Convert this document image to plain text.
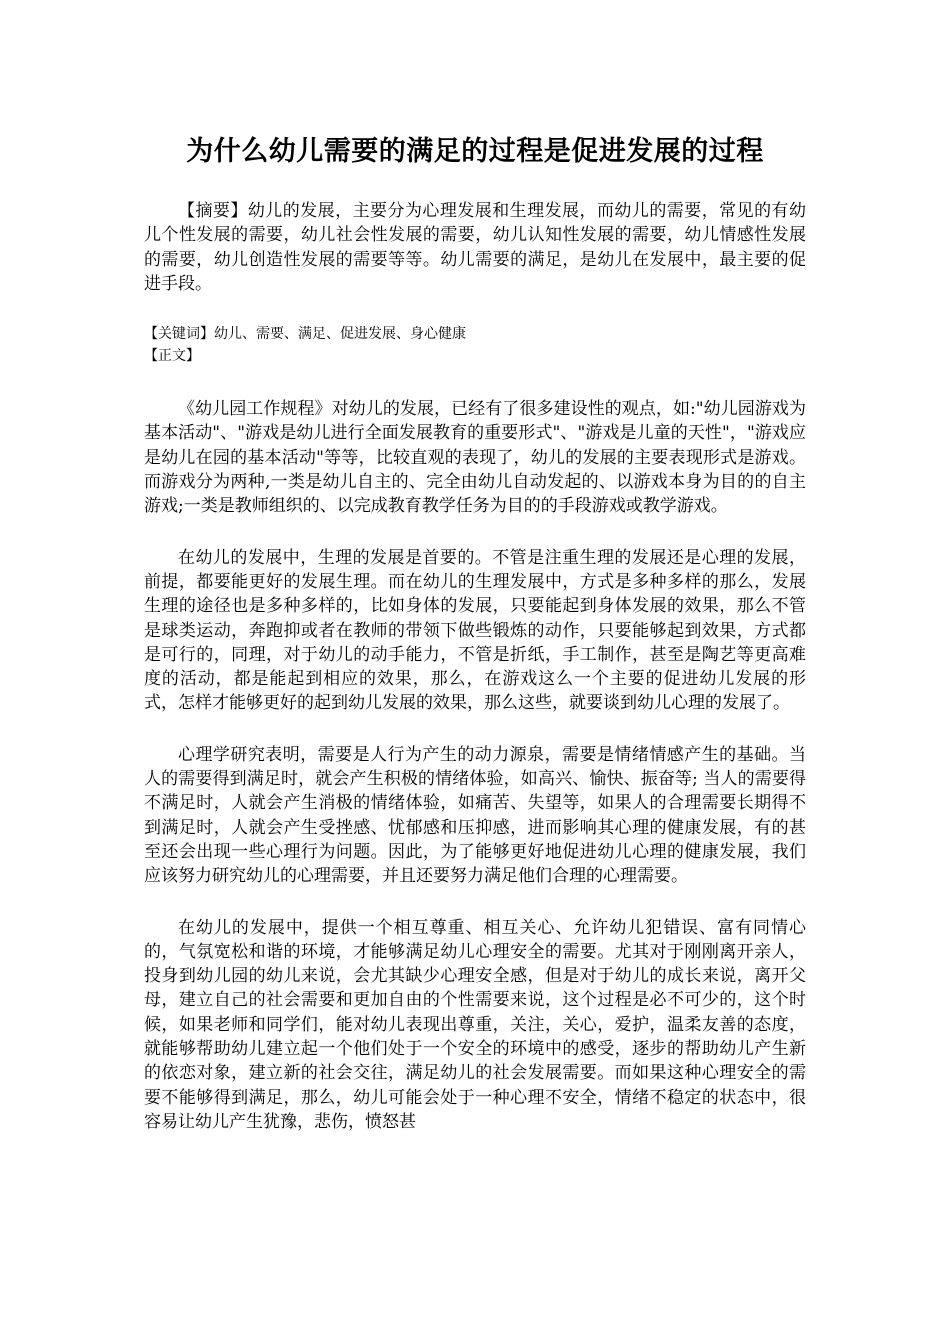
为什么幼儿需要的满足的过程是促进发展的过程

【摘要】幼儿的发展，主要分为心理发展和生理发展，而幼儿的需要，常见的有幼儿个性发展的需要，幼儿社会性发展的需要，幼儿认知性发展的需要，幼儿情感性发展的需要，幼儿创造性发展的需要等等。幼儿需要的满足，是幼儿在发展中，最主要的促进手段。

【关键词】幼儿、需要、满足、促进发展、身心健康

【正文】

《幼儿园工作规程》对幼儿的发展，已经有了很多建设性的观点，如:"幼儿园游戏为基本活动"、"游戏是幼儿进行全面发展教育的重要形式"、"游戏是儿童的天性"，"游戏应是幼儿在园的基本活动"等等，比较直观的表现了，幼儿的发展的主要表现形式是游戏。而游戏分为两种,一类是幼儿自主的、完全由幼儿自动发起的、以游戏本身为目的的自主游戏;一类是教师组织的、以完成教育教学任务为目的的手段游戏或教学游戏。

在幼儿的发展中，生理的发展是首要的。不管是注重生理的发展还是心理的发展，前提，都要能更好的发展生理。而在幼儿的生理发展中，方式是多种多样的那么，发展生理的途径也是多种多样的，比如身体的发展，只要能起到身体发展的效果，那么不管是球类运动，奔跑抑或者在教师的带领下做些锻炼的动作，只要能够起到效果，方式都是可行的，同理，对于幼儿的动手能力，不管是折纸，手工制作，甚至是陶艺等更高难度的活动，都是能起到相应的效果，那么，在游戏这么一个主要的促进幼儿发展的形式，怎样才能够更好的起到幼儿发展的效果，那么这些，就要谈到幼儿心理的发展了。

心理学研究表明，需要是人行为产生的动力源泉，需要是情绪情感产生的基础。当人的需要得到满足时，就会产生积极的情绪体验，如高兴、愉快、振奋等; 当人的需要得不满足时，人就会产生消极的情绪体验，如痛苦、失望等，如果人的合理需要长期得不到满足时，人就会产生受挫感、忧郁感和压抑感，进而影响其心理的健康发展，有的甚至还会出现一些心理行为问题。因此，为了能够更好地促进幼儿心理的健康发展，我们应该努力研究幼儿的心理需要，并且还要努力满足他们合理的心理需要。

在幼儿的发展中，提供一个相互尊重、相互关心、允许幼儿犯错误、富有同情心的，气氛宽松和谐的环境，才能够满足幼儿心理安全的需要。尤其对于刚刚离开亲人，投身到幼儿园的幼儿来说，会尤其缺少心理安全感，但是对于幼儿的成长来说，离开父母，建立自己的社会需要和更加自由的个性需要来说，这个过程是必不可少的，这个时候，如果老师和同学们，能对幼儿表现出尊重，关注，关心，爱护，温柔友善的态度，就能够帮助幼儿建立起一个他们处于一个安全的环境中的感受，逐步的帮助幼儿产生新的依恋对象，建立新的社会交往，满足幼儿的社会发展需要。而如果这种心理安全的需要不能够得到满足，那么，幼儿可能会处于一种心理不安全，情绪不稳定的状态中，很容易让幼儿产生犹豫，悲伤，愤怒甚
